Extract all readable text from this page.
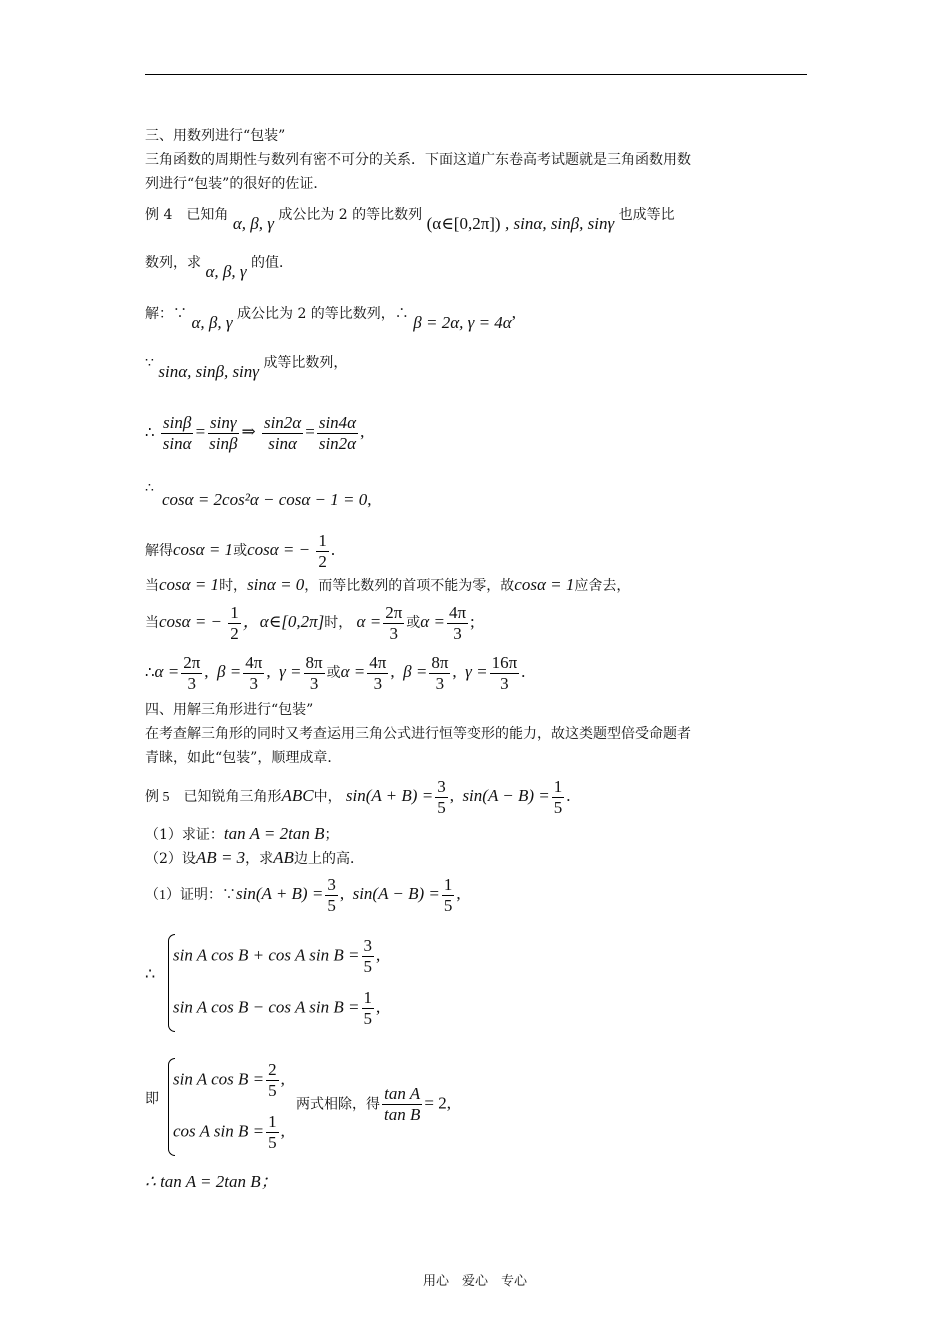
三、用数列进行“包装”
三角函数的周期性与数列有密不可分的关系．下面这道广东卷高考试题就是三角函数用数
列进行“包装”的很好的佐证．
例 4　已知角 α, β, γ 成公比为 2 的等比数列 (α∈[0,2π]) , sinα, sinβ, sinγ 也成等比
数列，求 α, β, γ 的值．
解：∵ α, β, γ 成公比为 2 的等比数列，∴ β = 2α, γ = 4α,
∵ sinα, sinβ, sinγ 成等比数列，
∴ $\frac{\sin\beta}{\sin\alpha} = \frac{\sin\gamma}{\sin\beta}$ ⇒ $\frac{\sin 2\alpha}{\sin\alpha} = \frac{\sin 4\alpha}{\sin 2\alpha}$ ,
∴
cosα = 2cos²α − cosα − 1 = 0,
解得cosα = 1或cosα = − $\frac{1}{2}$ .
当cosα = 1时，sinα = 0，而等比数列的首项不能为零，故cosα = 1应舍去，
当cosα = − $\frac{1}{2}$ ，α∈[0,2π]时， $\alpha = \frac{2\pi}{3}$ 或$\alpha = \frac{4\pi}{3}$ ;
∴α = $\frac{2\pi}{3}$ ,  $\beta = \frac{4\pi}{3}$ ,  $\gamma = \frac{8\pi}{3}$ 或$\alpha = \frac{4\pi}{3}$ ,  $\beta = \frac{8\pi}{3}$ ,  $\gamma = \frac{16\pi}{3}$ .
四、用解三角形进行“包装”
在考查解三角形的同时又考查运用三角公式进行恒等变形的能力，故这类题型倍受命题者
青睐，如此“包装”，顺理成章．
例 5　已知锐角三角形ABC中， $\sin(A + B) = \frac{3}{5}$ ,  $\sin(A - B) = \frac{1}{5}$ .
（1）求证：tan A = 2tan B；
（2）设AB = 3，求AB边上的高．
（1）证明：∵sin(A + $B) = \frac{3}{5}$ ,  $\sin(A - B) = \frac{1}{5}$ ,
∴
sin A cos B + cos A $\sin B = \frac{3}{5}$ ,
sin A cos B − cos A $\sin B = \frac{1}{5}$ ,
即
sin A $\cos B = \frac{2}{5}$ ,
cos A $\sin B = \frac{1}{5}$ ,
两式相除，得 $\frac{\text{tan A}}{\text{tan B}} = 2$,
∴ tan A = 2tan B；
用心　爱心　专心
